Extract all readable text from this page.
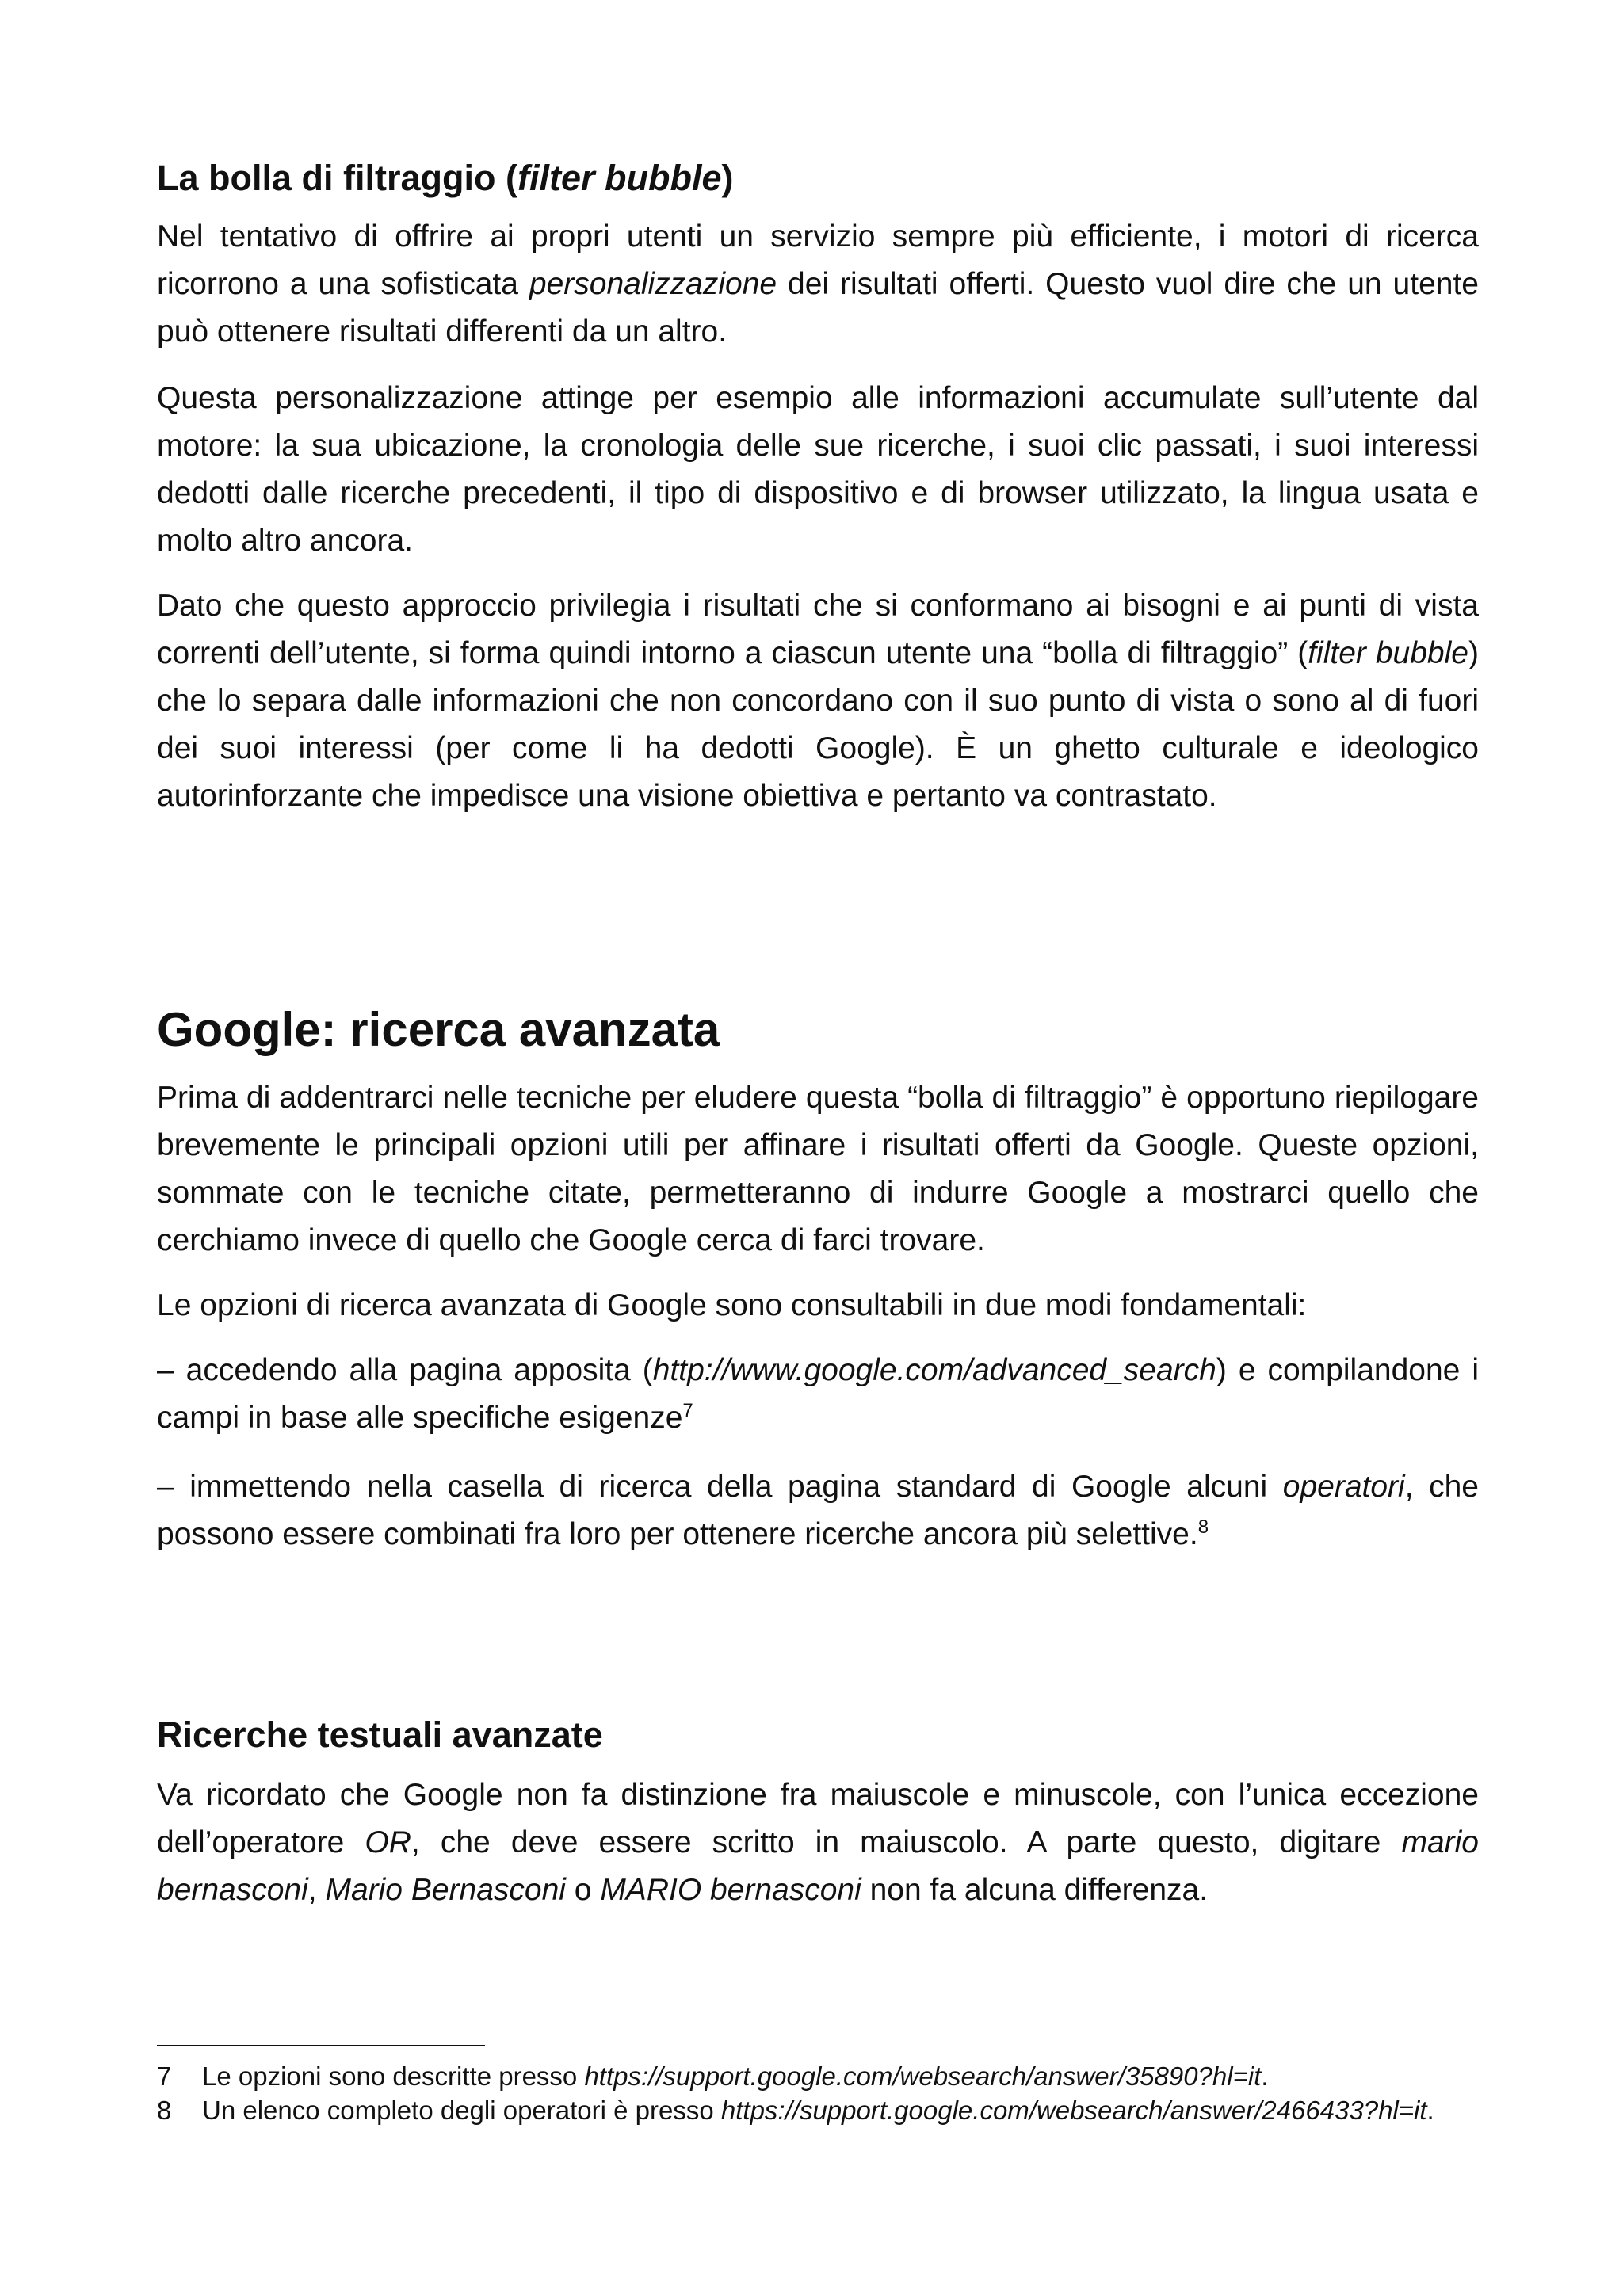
La bolla di filtraggio (filter bubble)

Nel tentativo di offrire ai propri utenti un servizio sempre più efficiente, i motori di ricerca ricorrono a una sofisticata personalizzazione dei risultati offerti. Questo vuol dire che un utente può ottenere risultati differenti da un altro.

Questa personalizzazione attinge per esempio alle informazioni accumulate sull’utente dal motore: la sua ubicazione, la cronologia delle sue ricerche, i suoi clic passati, i suoi interessi dedotti dalle ricerche precedenti, il tipo di dispositivo e di browser utilizzato, la lingua usata e molto altro ancora.

Dato che questo approccio privilegia i risultati che si conformano ai bisogni e ai punti di vista correnti dell’utente, si forma quindi intorno a ciascun utente una “bolla di filtraggio” (filter bubble) che lo separa dalle informazioni che non concordano con il suo punto di vista o sono al di fuori dei suoi interessi (per come li ha dedotti Google). È un ghetto culturale e ideologico autorinforzante che impedisce una visione obiettiva e pertanto va contrastato.

Google: ricerca avanzata

Prima di addentrarci nelle tecniche per eludere questa “bolla di filtraggio” è opportuno riepilogare brevemente le principali opzioni utili per affinare i risultati offerti da Google. Queste opzioni, sommate con le tecniche citate, permetteranno di indurre Google a mostrarci quello che cerchiamo invece di quello che Google cerca di farci trovare.

Le opzioni di ricerca avanzata di Google sono consultabili in due modi fondamentali:

– accedendo alla pagina apposita (http://www.google.com/advanced_search) e compilandone i campi in base alle specifiche esigenze$^7$

– immettendo nella casella di ricerca della pagina standard di Google alcuni operatori, che possono essere combinati fra loro per ottenere ricerche ancora più selettive.$^8$

Ricerche testuali avanzate

Va ricordato che Google non fa distinzione fra maiuscole e minuscole, con l’unica eccezione dell’operatore OR, che deve essere scritto in maiuscolo. A parte questo, digitare mario bernasconi, Mario Bernasconi o MARIO bernasconi non fa alcuna differenza.

7 Le opzioni sono descritte presso https://support.google.com/websearch/answer/35890?hl=it.
8 Un elenco completo degli operatori è presso https://support.google.com/websearch/answer/2466433?hl=it.
